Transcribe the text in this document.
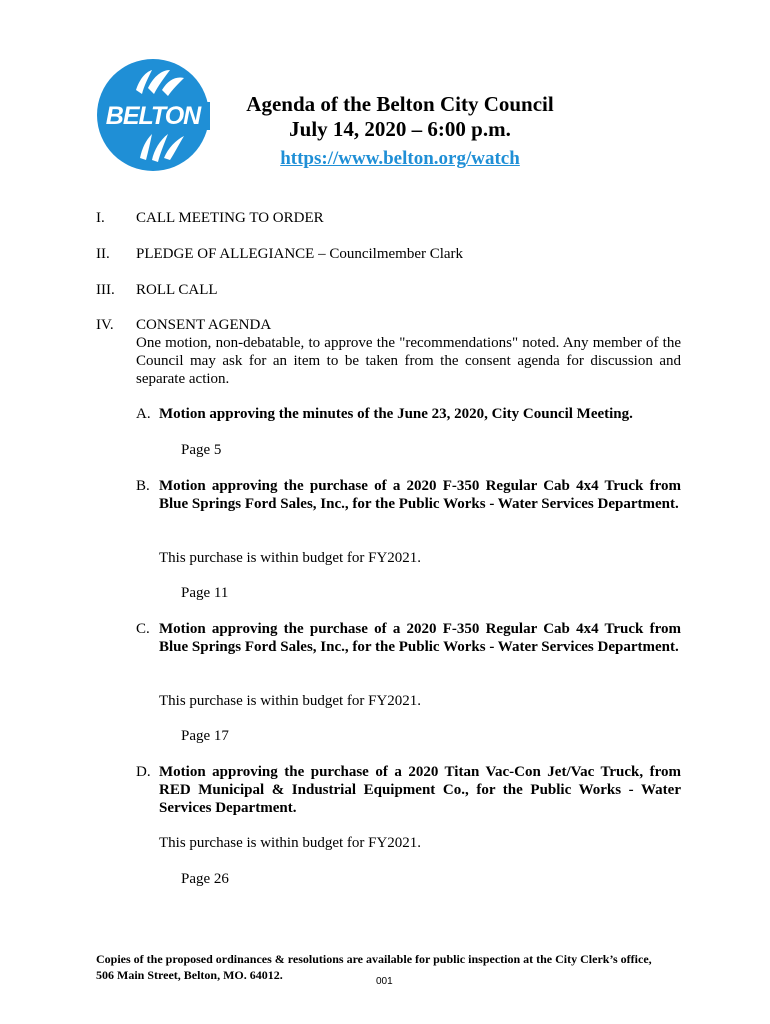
BELTON	Agenda of the Belton City Council
July 14, 2020 – 6:00 p.m.
https://www.belton.org/watch
I. CALL MEETING TO ORDER
II. PLEDGE OF ALLEGIANCE – Councilmember Clark
III. ROLL CALL
IV. CONSENT AGENDA
One motion, non-debatable, to approve the "recommendations" noted. Any member of the Council may ask for an item to be taken from the consent agenda for discussion and separate action.
A. Motion approving the minutes of the June 23, 2020, City Council Meeting.
Page 5
B. Motion approving the purchase of a 2020 F-350 Regular Cab 4x4 Truck from Blue Springs Ford Sales, Inc., for the Public Works - Water Services Department.
This purchase is within budget for FY2021.
Page 11
C. Motion approving the purchase of a 2020 F-350 Regular Cab 4x4 Truck from Blue Springs Ford Sales, Inc., for the Public Works - Water Services Department.
This purchase is within budget for FY2021.
Page 17
D. Motion approving the purchase of a 2020 Titan Vac-Con Jet/Vac Truck, from RED Municipal & Industrial Equipment Co., for the Public Works - Water Services Department.
This purchase is within budget for FY2021.
Page 26
Copies of the proposed ordinances & resolutions are available for public inspection at the City Clerk’s office,
506 Main Street, Belton, MO. 64012.	001
